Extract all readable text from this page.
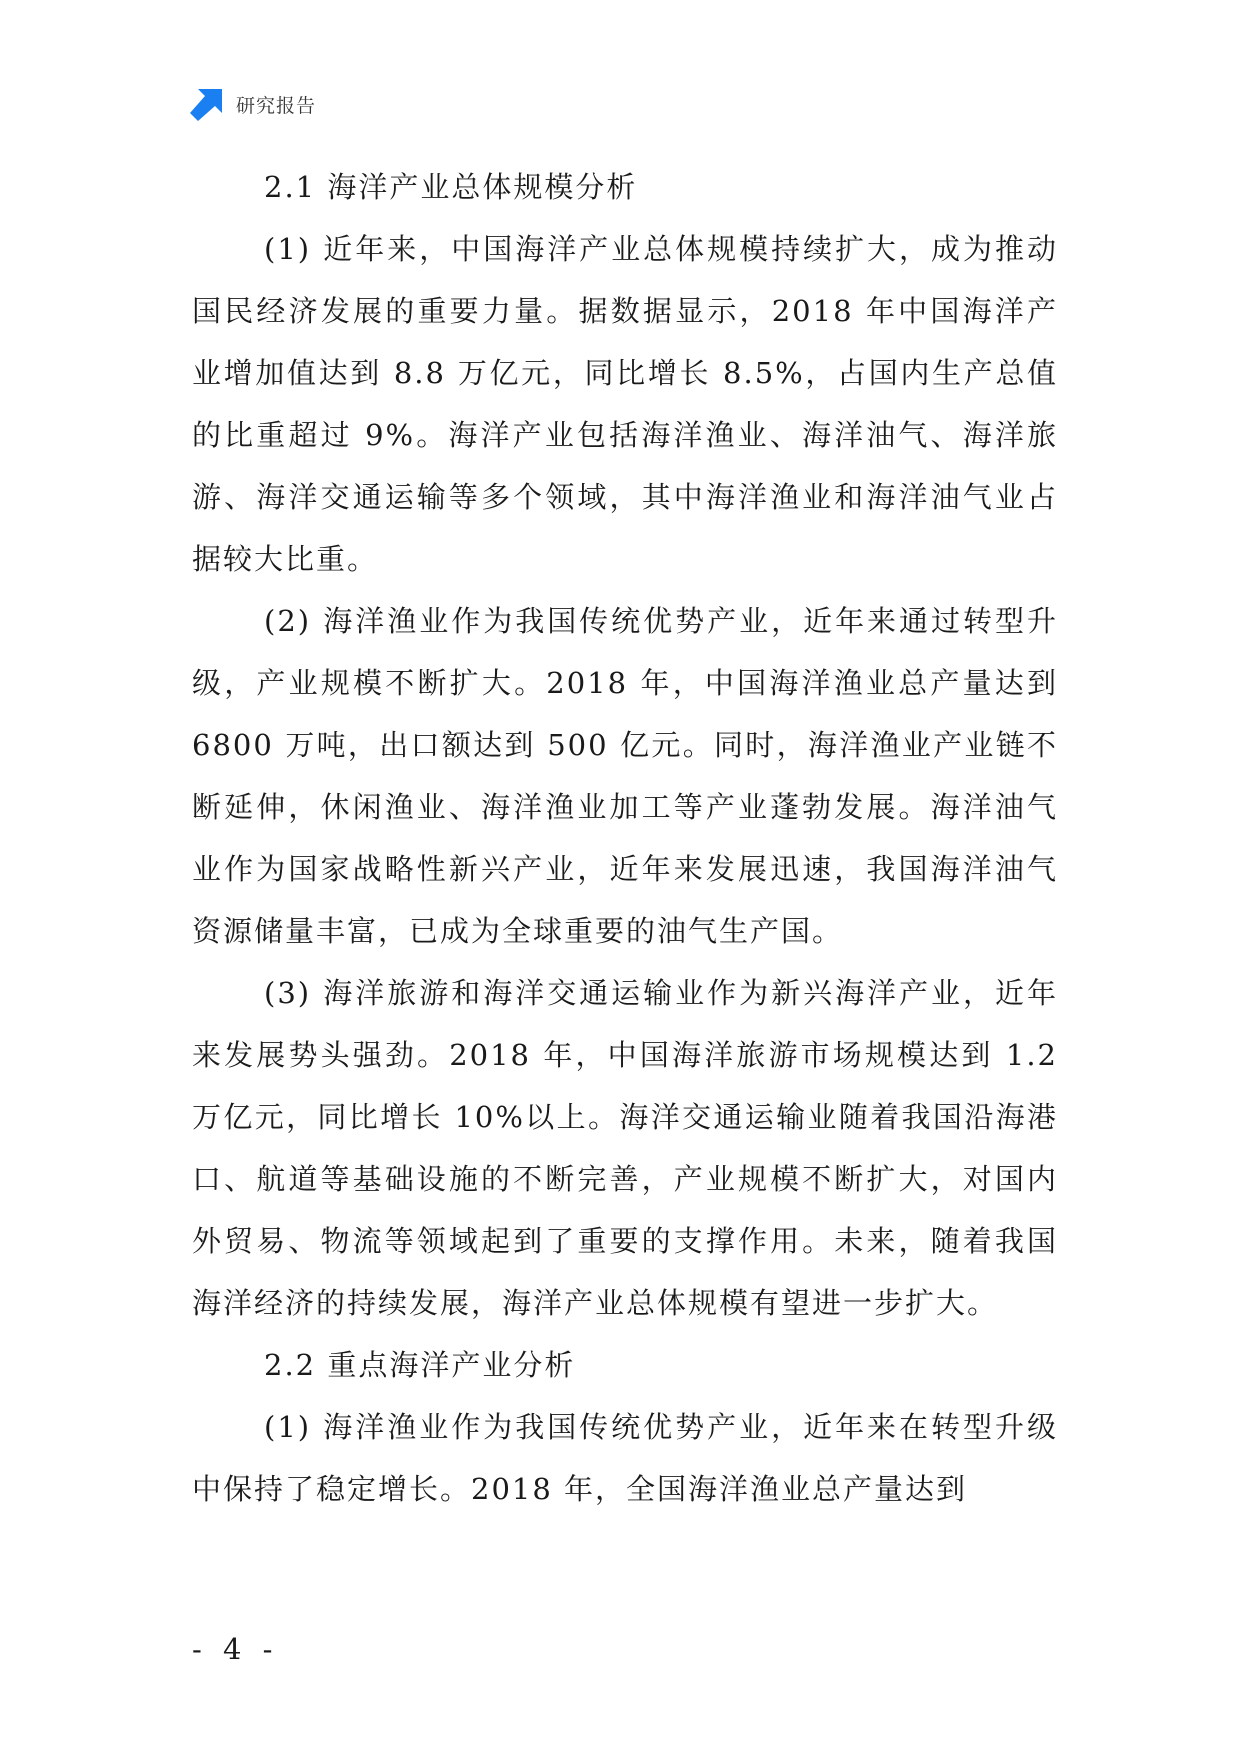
研究报告
2.1 海洋产业总体规模分析

(1) 近年来，中国海洋产业总体规模持续扩大，成为推动国民经济发展的重要力量。据数据显示，2018 年中国海洋产业增加值达到 8.8 万亿元，同比增长 8.5%，占国内生产总值的比重超过 9%。海洋产业包括海洋渔业、海洋油气、海洋旅游、海洋交通运输等多个领域，其中海洋渔业和海洋油气业占据较大比重。

(2) 海洋渔业作为我国传统优势产业，近年来通过转型升级，产业规模不断扩大。2018 年，中国海洋渔业总产量达到 6800 万吨，出口额达到 500 亿元。同时，海洋渔业产业链不断延伸，休闲渔业、海洋渔业加工等产业蓬勃发展。海洋油气业作为国家战略性新兴产业，近年来发展迅速，我国海洋油气资源储量丰富，已成为全球重要的油气生产国。

(3) 海洋旅游和海洋交通运输业作为新兴海洋产业，近年来发展势头强劲。2018 年，中国海洋旅游市场规模达到 1.2 万亿元，同比增长 10%以上。海洋交通运输业随着我国沿海港口、航道等基础设施的不断完善，产业规模不断扩大，对国内外贸易、物流等领域起到了重要的支撑作用。未来，随着我国海洋经济的持续发展，海洋产业总体规模有望进一步扩大。

2.2 重点海洋产业分析

(1) 海洋渔业作为我国传统优势产业，近年来在转型升级中保持了稳定增长。2018 年，全国海洋渔业总产量达到

- 4 -
